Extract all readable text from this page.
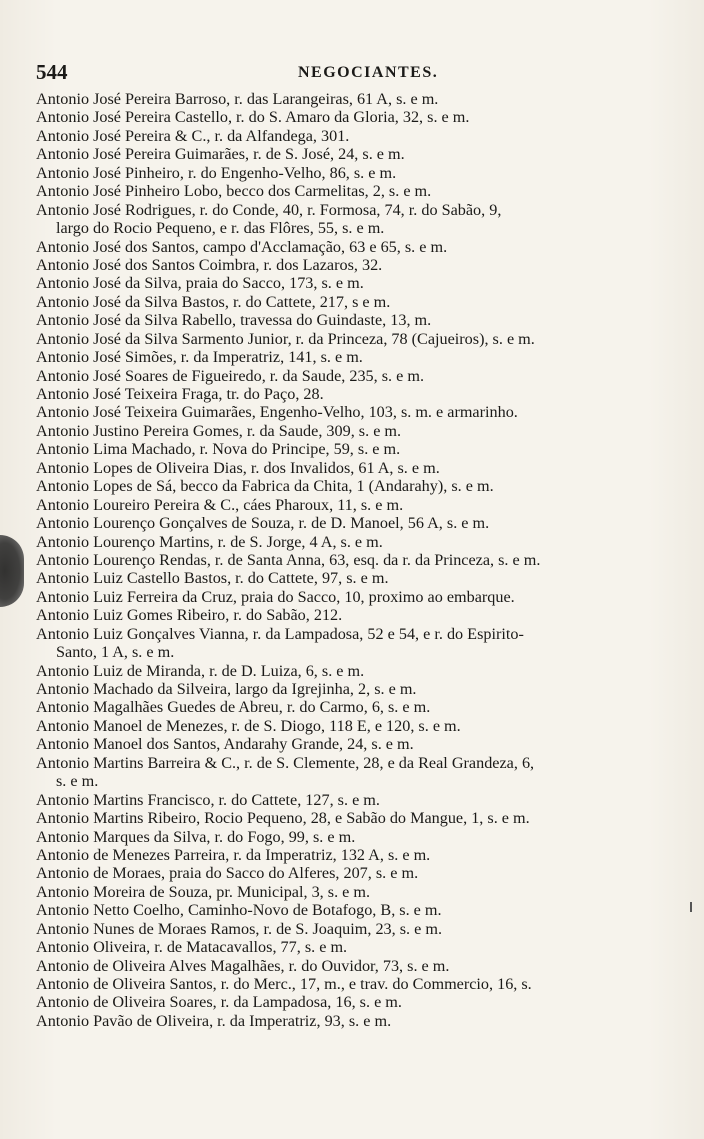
544	NEGOCIANTES.
Antonio José Pereira Barroso, r. das Larangeiras, 61 A, s. e m.
Antonio José Pereira Castello, r. do S. Amaro da Gloria, 32, s. e m.
Antonio José Pereira & C., r. da Alfandega, 301.
Antonio José Pereira Guimarães, r. de S. José, 24, s. e m.
Antonio José Pinheiro, r. do Engenho-Velho, 86, s. e m.
Antonio José Pinheiro Lobo, becco dos Carmelitas, 2, s. e m.
Antonio José Rodrigues, r. do Conde, 40, r. Formosa, 74, r. do Sabão, 9,
largo do Rocio Pequeno, e r. das Flôres, 55, s. e m.
Antonio José dos Santos, campo d'Acclamação, 63 e 65, s. e m.
Antonio José dos Santos Coimbra, r. dos Lazaros, 32.
Antonio José da Silva, praia do Sacco, 173, s. e m.
Antonio José da Silva Bastos, r. do Cattete, 217, s e m.
Antonio José da Silva Rabello, travessa do Guindaste, 13, m.
Antonio José da Silva Sarmento Junior, r. da Princeza, 78 (Cajueiros), s. e m.
Antonio José Simões, r. da Imperatriz, 141, s. e m.
Antonio José Soares de Figueiredo, r. da Saude, 235, s. e m.
Antonio José Teixeira Fraga, tr. do Paço, 28.
Antonio José Teixeira Guimarães, Engenho-Velho, 103, s. m. e armarinho.
Antonio Justino Pereira Gomes, r. da Saude, 309, s. e m.
Antonio Lima Machado, r. Nova do Principe, 59, s. e m.
Antonio Lopes de Oliveira Dias, r. dos Invalidos, 61 A, s. e m.
Antonio Lopes de Sá, becco da Fabrica da Chita, 1 (Andarahy), s. e m.
Antonio Loureiro Pereira & C., cáes Pharoux, 11, s. e m.
Antonio Lourenço Gonçalves de Souza, r. de D. Manoel, 56 A, s. e m.
Antonio Lourenço Martins, r. de S. Jorge, 4 A, s. e m.
Antonio Lourenço Rendas, r. de Santa Anna, 63, esq. da r. da Princeza, s. e m.
Antonio Luiz Castello Bastos, r. do Cattete, 97, s. e m.
Antonio Luiz Ferreira da Cruz, praia do Sacco, 10, proximo ao embarque.
Antonio Luiz Gomes Ribeiro, r. do Sabão, 212.
Antonio Luiz Gonçalves Vianna, r. da Lampadosa, 52 e 54, e r. do Espirito-
Santo, 1 A, s. e m.
Antonio Luiz de Miranda, r. de D. Luiza, 6, s. e m.
Antonio Machado da Silveira, largo da Igrejinha, 2, s. e m.
Antonio Magalhães Guedes de Abreu, r. do Carmo, 6, s. e m.
Antonio Manoel de Menezes, r. de S. Diogo, 118 E, e 120, s. e m.
Antonio Manoel dos Santos, Andarahy Grande, 24, s. e m.
Antonio Martins Barreira & C., r. de S. Clemente, 28, e da Real Grandeza, 6,
s. e m.
Antonio Martins Francisco, r. do Cattete, 127, s. e m.
Antonio Martins Ribeiro, Rocio Pequeno, 28, e Sabão do Mangue, 1, s. e m.
Antonio Marques da Silva, r. do Fogo, 99, s. e m.
Antonio de Menezes Parreira, r. da Imperatriz, 132 A, s. e m.
Antonio de Moraes, praia do Sacco do Alferes, 207, s. e m.
Antonio Moreira de Souza, pr. Municipal, 3, s. e m.
Antonio Netto Coelho, Caminho-Novo de Botafogo, B, s. e m.
Antonio Nunes de Moraes Ramos, r. de S. Joaquim, 23, s. e m.
Antonio Oliveira, r. de Matacavallos, 77, s. e m.
Antonio de Oliveira Alves Magalhães, r. do Ouvidor, 73, s. e m.
Antonio de Oliveira Santos, r. do Merc., 17, m., e trav. do Commercio, 16, s.
Antonio de Oliveira Soares, r. da Lampadosa, 16, s. e m.
Antonio Pavão de Oliveira, r. da Imperatriz, 93, s. e m.
